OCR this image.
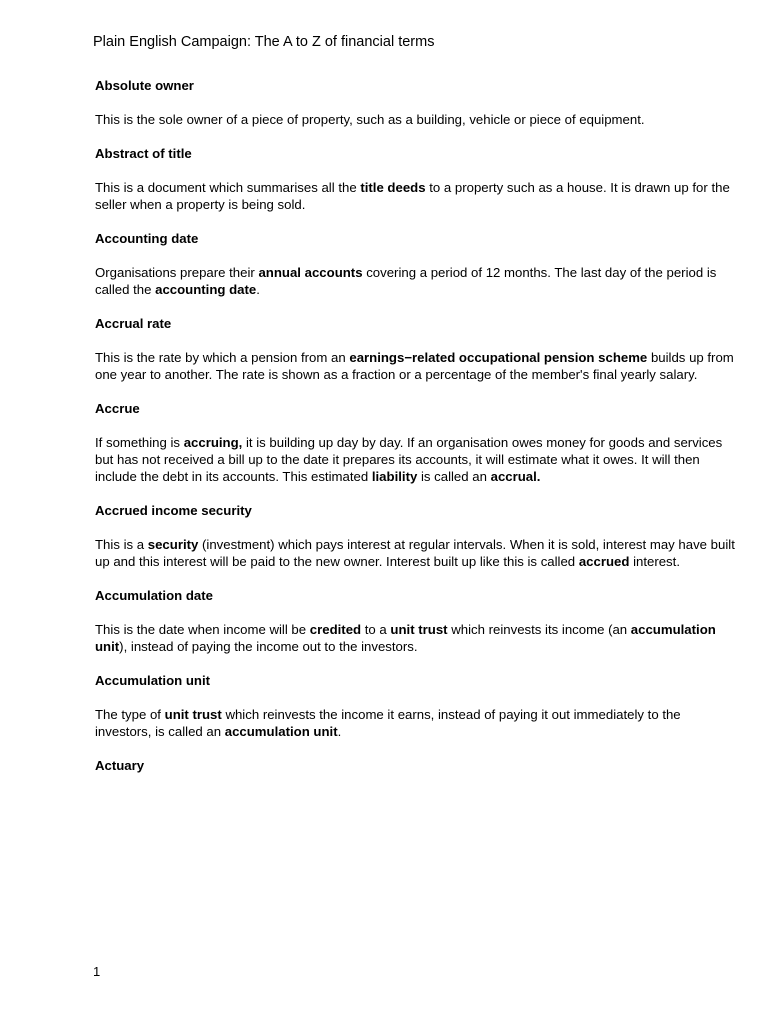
Plain English Campaign: The A to Z of financial terms

Absolute owner

This is the sole owner of a piece of property, such as a building, vehicle or piece of equipment.

Abstract of title

This is a document which summarises all the title deeds to a property such as a house. It is drawn up for the seller when a property is being sold.

Accounting date

Organisations prepare their annual accounts covering a period of 12 months. The last day of the period is called the accounting date.

Accrual rate

This is the rate by which a pension from an earnings−related occupational pension scheme builds up from one year to another. The rate is shown as a fraction or a percentage of the member's final yearly salary.

Accrue

If something is accruing, it is building up day by day. If an organisation owes money for goods and services but has not received a bill up to the date it prepares its accounts, it will estimate what it owes. It will then include the debt in its accounts. This estimated liability is called an accrual.

Accrued income security

This is a security (investment) which pays interest at regular intervals. When it is sold, interest may have built up and this interest will be paid to the new owner. Interest built up like this is called accrued interest.

Accumulation date

This is the date when income will be credited to a unit trust which reinvests its income (an accumulation unit), instead of paying the income out to the investors.

Accumulation unit

The type of unit trust which reinvests the income it earns, instead of paying it out immediately to the investors, is called an accumulation unit.

Actuary

1
